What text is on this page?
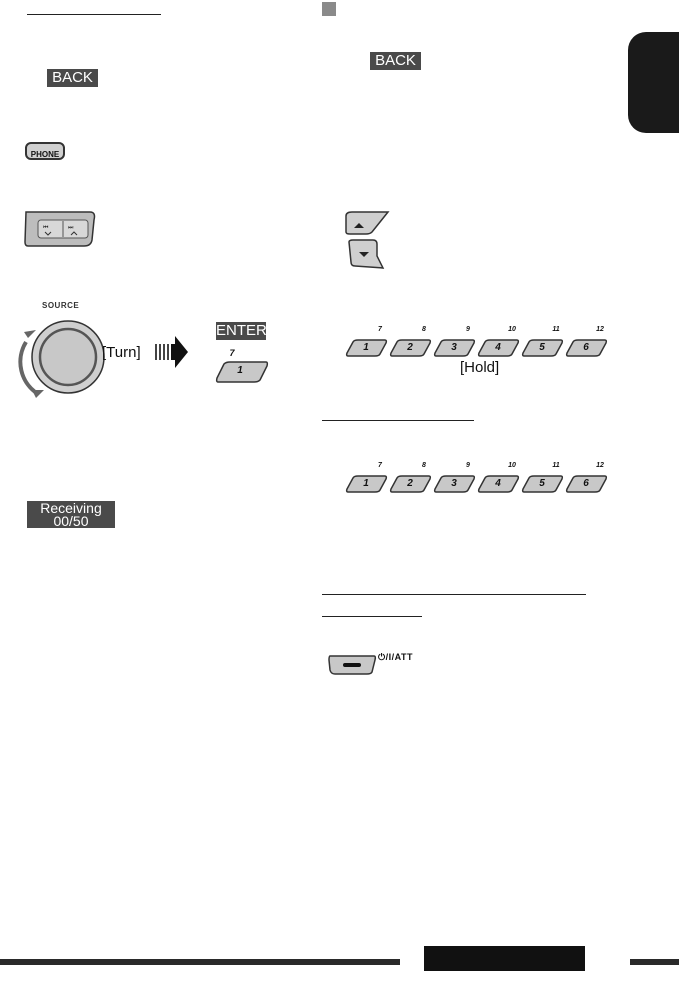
BACK
BACK
PHONE
⏮	⏭
SOURCE
[Turn]
ENTER
7
1
7
1
8
2
9
3
10
4
11
5
12
6
[Hold]
7
1
8
2
9
3
10
4
11
5
12
6
Receiving
00/50
⏻/I/ATT
